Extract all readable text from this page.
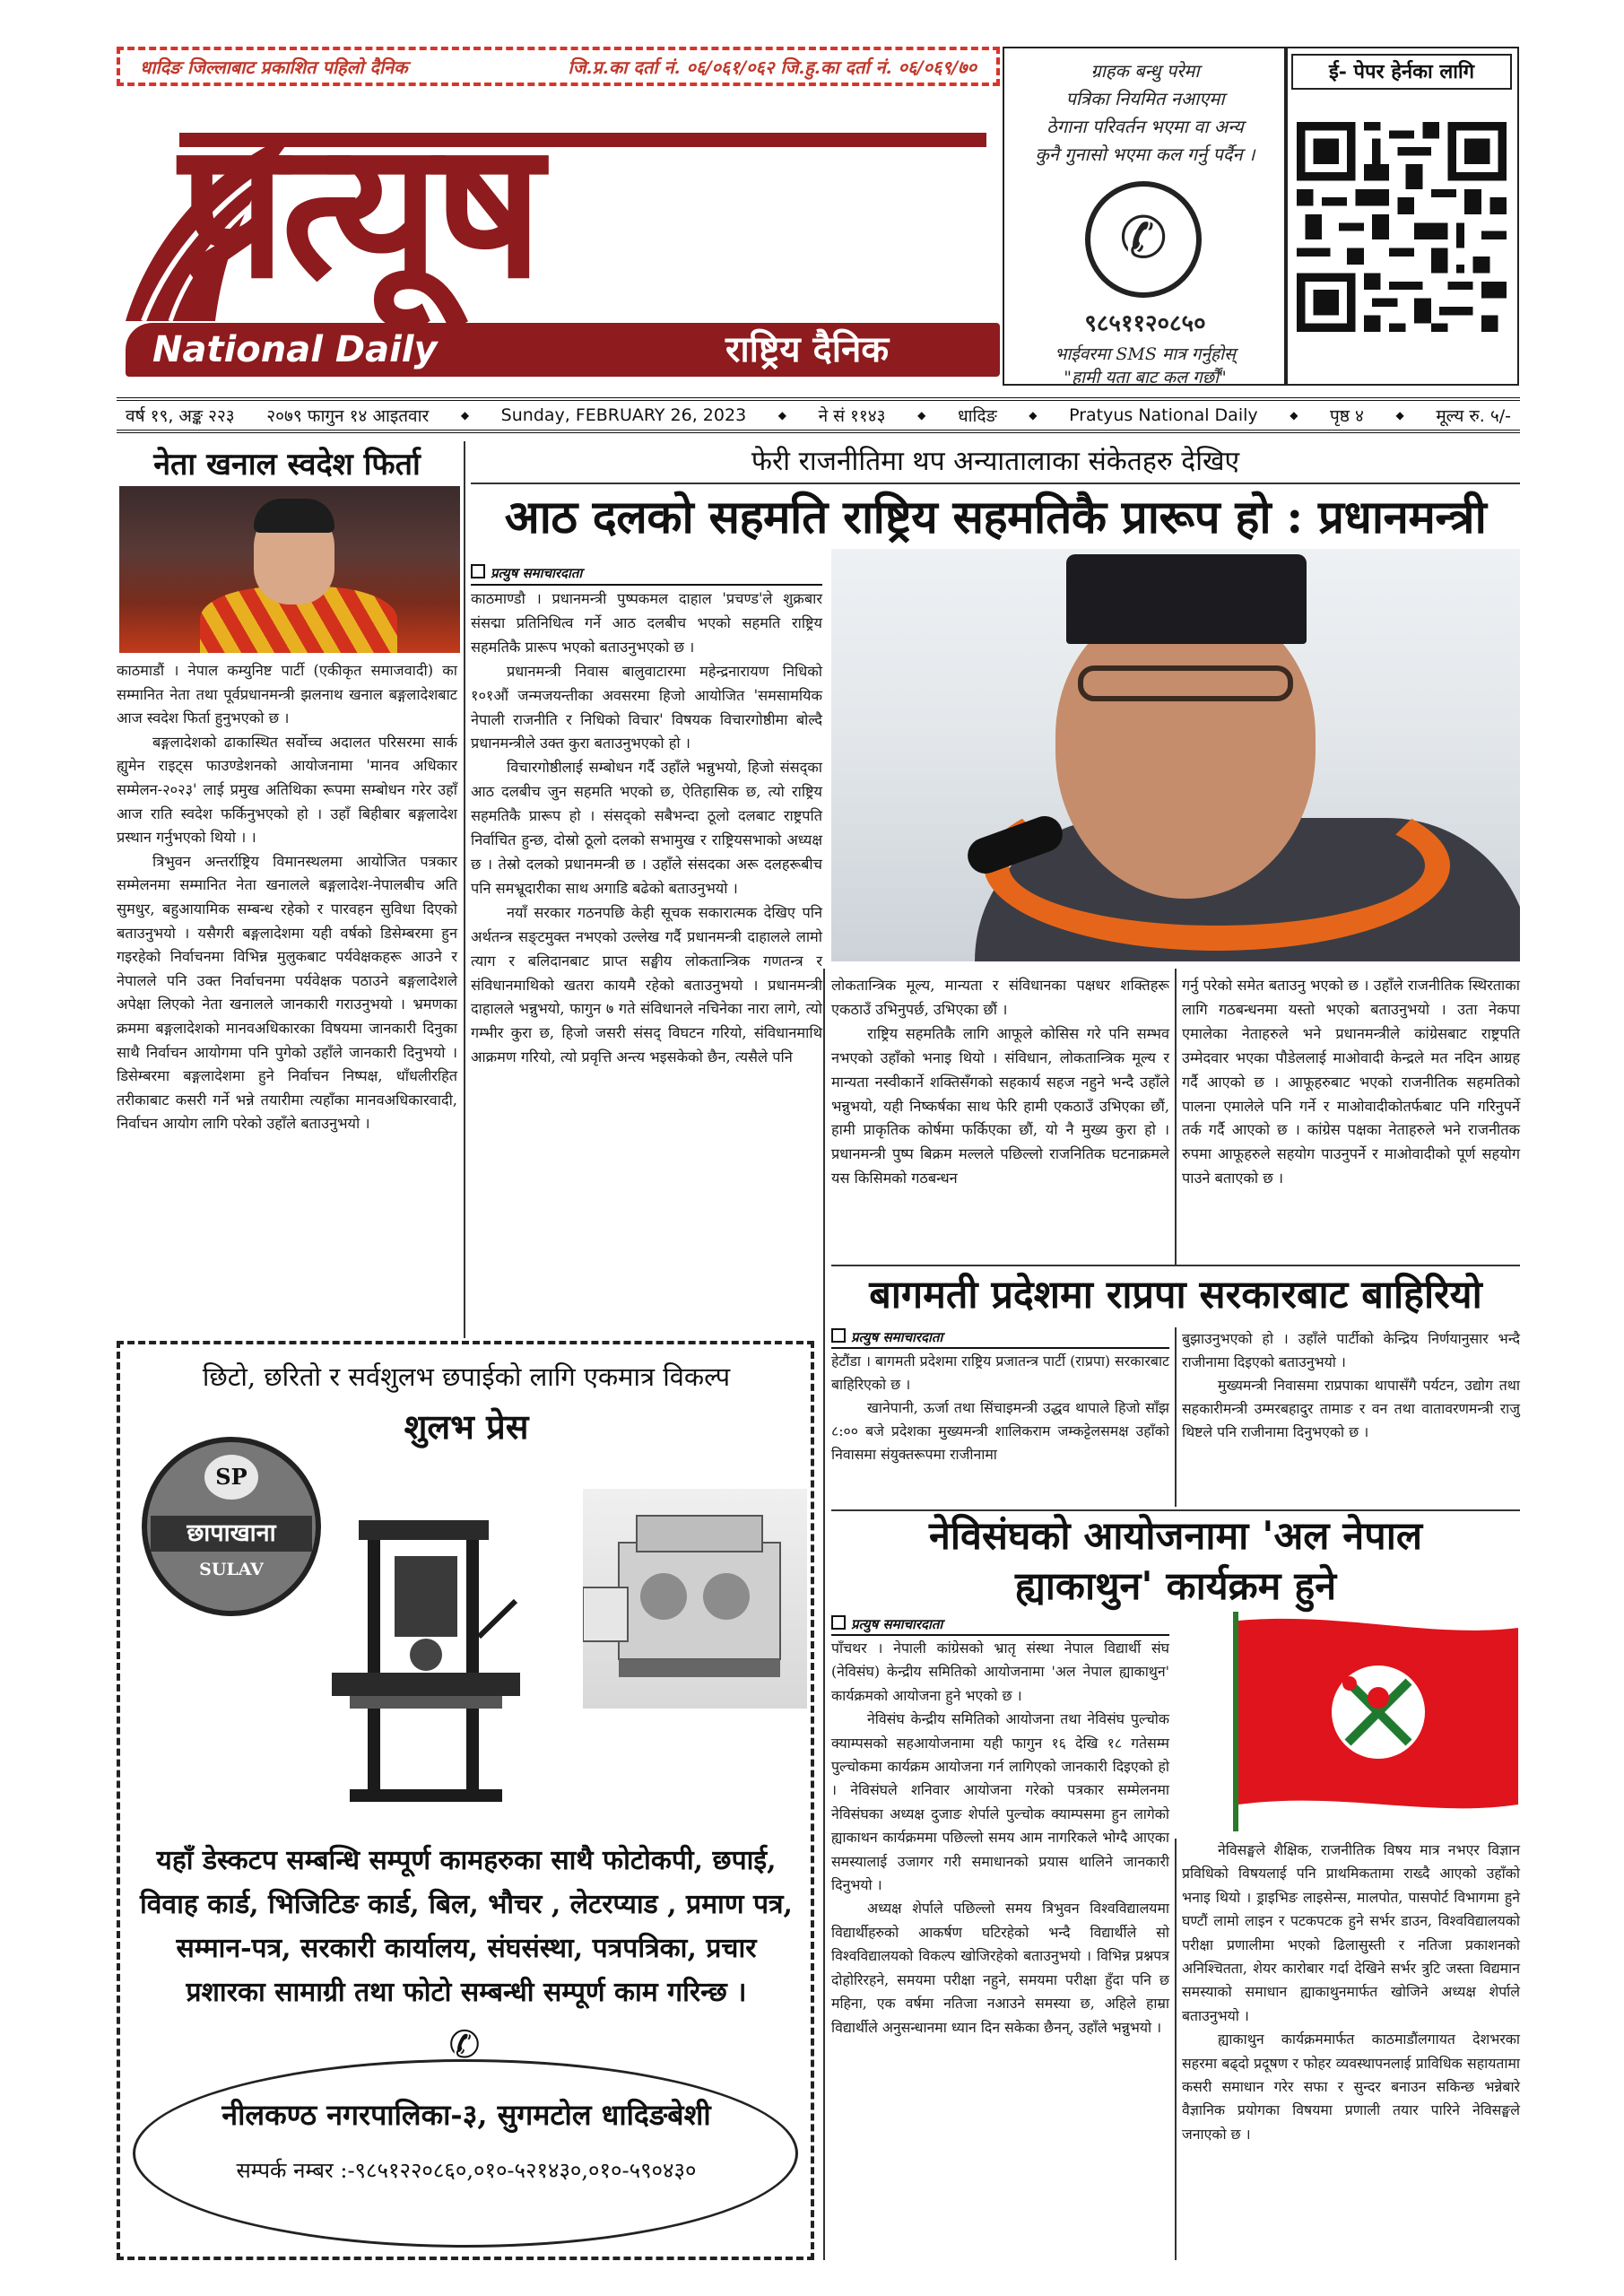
धादिङ जिल्लाबाट प्रकाशित पहिलो दैनिक	जि.प्र.का दर्ता नं. ०६/०६१/०६२ जि.हु.का दर्ता नं. ०६/०६९/७०
प्रत्यूष
National Daily	राष्ट्रिय दैनिक
ग्राहक बन्धु परेमा
पत्रिका नियमित नआएमा
ठेगाना परिवर्तन भएमा वा अन्य
कुनै गुनासो भएमा कल गर्नु पर्दैन ।
✆
९८५११२०८५०
भाईवरमा SMS मात्र गर्नुहोस्
"हामी यता बाट कल गर्छौं"
ई- पेपर हेर्नका लागि
वर्ष १९, अङ्क २२३ २०७९ फागुन १४ आइतवार	◆ Sunday, FEBRUARY 26, 2023	◆ ने सं ११४३	◆ धादिङ	◆ Pratyus National Daily	◆ पृष्ठ ४	◆ मूल्य रु. ५/-
नेता खनाल स्वदेश फिर्ता

काठमाडौं । नेपाल कम्युनिष्ट पार्टी (एकीकृत समाजवादी) का सम्मानित नेता तथा पूर्वप्रधानमन्त्री झलनाथ खनाल बङ्गलादेशबाट आज स्वदेश फिर्ता हुनुभएको छ ।

बङ्गलादेशको ढाकास्थित सर्वोच्च अदालत परिसरमा सार्क ह्युमेन राइट्स फाउण्डेशनको आयोजनामा 'मानव अधिकार सम्मेलन-२०२३' लाई प्रमुख अतिथिका रूपमा सम्बोधन गरेर उहाँ आज राति स्वदेश फर्किनुभएको हो । उहाँ बिहीबार बङ्गलादेश प्रस्थान गर्नुभएको थियो । ।

त्रिभुवन अन्तर्राष्ट्रिय विमानस्थलमा आयोजित पत्रकार सम्मेलनमा सम्मानित नेता खनालले बङ्गलादेश-नेपालबीच अति सुमधुर, बहुआयामिक सम्बन्ध रहेको र पारवहन सुविधा दिएको बताउनुभयो । यसैगरी बङ्गलादेशमा यही वर्षको डिसेम्बरमा हुन गइरहेको निर्वाचनमा विभिन्न मुलुकबाट पर्यवेक्षकहरू आउने र नेपालले पनि उक्त निर्वाचनमा पर्यवेक्षक पठाउने बङ्गलादेशले अपेक्षा लिएको नेता खनालले जानकारी गराउनुभयो । भ्रमणका क्रममा बङ्गलादेशको मानवअधिकारका विषयमा जानकारी दिनुका साथै निर्वाचन आयोगमा पनि पुगेको उहाँले जानकारी दिनुभयो । डिसेम्बरमा बङ्गलादेशमा हुने निर्वाचन निष्पक्ष, धाँधलीरहित तरीकाबाट कसरी गर्ने भन्ने तयारीमा त्यहाँका मानवअधिकारवादी, निर्वाचन आयोग लागि परेको उहाँले बताउनुभयो ।

फेरी राजनीतिमा थप अन्यातालाका संकेतहरु देखिए
आठ दलको सहमति राष्ट्रिय सहमतिकै प्रारूप हो : प्रधानमन्त्री
प्रत्युष समाचारदाता

काठमाण्डौ । प्रधानमन्त्री पुष्पकमल दाहाल 'प्रचण्ड'ले शुक्रबार संसद्मा प्रतिनिधित्व गर्ने आठ दलबीच भएको सहमति राष्ट्रिय सहमतिकै प्रारूप भएको बताउनुभएको छ ।

प्रधानमन्त्री निवास बालुवाटारमा महेन्द्रनारायण निधिको १०१औं जन्मजयन्तीका अवसरमा हिजो आयोजित 'समसामयिक नेपाली राजनीति र निधिको विचार' विषयक विचारगोष्ठीमा बोल्दै प्रधानमन्त्रीले उक्त कुरा बताउनुभएको हो ।

विचारगोष्ठीलाई सम्बोधन गर्दै उहाँले भन्नुभयो, हिजो संसद्का आठ दलबीच जुन सहमति भएको छ, ऐतिहासिक छ, त्यो राष्ट्रिय सहमतिकै प्रारूप हो । संसद्को सबैभन्दा ठूलो दलबाट राष्ट्रपति निर्वाचित हुन्छ, दोस्रो ठूलो दलको सभामुख र राष्ट्रियसभाको अध्यक्ष छ । तेस्रो दलको प्रधानमन्त्री छ । उहाँले संसदका अरू दलहरूबीच पनि समभ्रूदारीका साथ अगाडि बढेको बताउनुभयो ।

नयाँ सरकार गठनपछि केही सूचक सकारात्मक देखिए पनि अर्थतन्त्र सङ्टमुक्त नभएको उल्लेख गर्दै प्रधानमन्त्री दाहालले लामो त्याग र बलिदानबाट प्राप्त सङ्घीय लोकतान्त्रिक गणतन्त्र र संविधानमाथिको खतरा कायमै रहेको बताउनुभयो । प्रधानमन्त्री दाहालले भन्नुभयो, फागुन ७ गते संविधानले नचिनेका नारा लागे, त्यो गम्भीर कुरा छ, हिजो जसरी संसद् विघटन गरियो, संविधानमाथि आक्रमण गरियो, त्यो प्रवृत्ति अन्त्य भइसकेको छैन, त्यसैले पनि

लोकतान्त्रिक मूल्य, मान्यता र संविधानका पक्षधर शक्तिहरू एकठाउँ उभिनुपर्छ, उभिएका छौं ।

राष्ट्रिय सहमतिकै लागि आफूले कोसिस गरे पनि सम्भव नभएको उहाँको भनाइ थियो । संविधान, लोकतान्त्रिक मूल्य र मान्यता नस्वीकार्ने शक्तिसँगको सहकार्य सहज नहुने भन्दै उहाँले भन्नुभयो, यही निष्कर्षका साथ फेरि हामी एकठाउँ उभिएका छौं, हामी प्राकृतिक कोर्षमा फर्किएका छौं, यो नै मुख्य कुरा हो । प्रधानमन्त्री पुष्प बिक्रम मल्लले पछिल्लो राजनितिक घटनाक्रमले यस किसिमको गठबन्धन

गर्नु परेको समेत बताउनु भएको छ । उहाँले राजनीतिक स्थिरताका लागि गठबन्धनमा यस्तो भएको बताउनुभयो । उता नेकपा एमालेका नेताहरुले भने प्रधानमन्त्रीले कांग्रेसबाट राष्ट्रपति उम्मेदवार भएका पौडेललाई माओवादी केन्द्रले मत नदिन आग्रह गर्दै आएको छ । आफूहरुबाट भएको राजनीतिक सहमतिको पालना एमालेले पनि गर्ने र माओवादीकोतर्फबाट पनि गरिनुपर्ने तर्क गर्दै आएको छ । कांग्रेस पक्षका नेताहरुले भने राजनीतक रुपमा आफूहरुले सहयोग पाउनुपर्ने र माओवादीको पूर्ण सहयोग पाउने बताएको छ ।

बागमती प्रदेशमा राप्रपा सरकारबाट बाहिरियो
प्रत्युष समाचारदाता

हेटौंडा । बागमती प्रदेशमा राष्ट्रिय प्रजातन्त्र पार्टी (राप्रपा) सरकारबाट बाहिरिएको छ ।

खानेपानी, ऊर्जा तथा सिंचाइमन्त्री उद्धव थापाले हिजो साँझ ८:०० बजे प्रदेशका मुख्यमन्त्री शालिकराम जम्कट्टेलसमक्ष उहाँको निवासमा संयुक्तरूपमा राजीनामा

बुझाउनुभएको हो । उहाँले पार्टीको केन्द्रिय निर्णयानुसार भन्दै राजीनामा दिइएको बताउनुभयो ।

मुख्यमन्त्री निवासमा राप्रपाका थापासँगै पर्यटन, उद्योग तथा सहकारीमन्त्री उम्मरबहादुर तामाङ र वन तथा वातावरणमन्त्री राजु थिष्टले पनि राजीनामा दिनुभएको छ ।

नेविसंघको आयोजनामा 'अल नेपाल
ह्याकाथुन' कार्यक्रम हुने
प्रत्युष समाचारदाता

पाँचथर । नेपाली कांग्रेसको भ्रातृ संस्था नेपाल विद्यार्थी संघ (नेविसंघ) केन्द्रीय समितिको आयोजनामा 'अल नेपाल ह्याकाथुन' कार्यक्रमको आयोजना हुने भएको छ ।

नेविसंघ केन्द्रीय समितिको आयोजना तथा नेविसंघ पुल्चोक क्याम्पसको सहआयोजनामा यही फागुन १६ देखि १८ गतेसम्म पुल्चोकमा कार्यक्रम आयोजना गर्न लागिएको जानकारी दिइएको हो । नेविसंघले शनिवार आयोजना गरेको पत्रकार सम्मेलनमा नेविसंघका अध्यक्ष दुजाङ शेर्पाले पुल्चोक क्याम्पसमा हुन लागेको ह्याकाथन कार्यक्रममा पछिल्लो समय आम नागरिकले भोग्दै आएका समस्यालाई उजागर गरी समाधानको प्रयास थालिने जानकारी दिनुभयो ।

अध्यक्ष शेर्पाले पछिल्लो समय त्रिभुवन विश्वविद्यालयमा विद्यार्थीहरुको आकर्षण घटिरहेको भन्दै विद्यार्थीले सो विश्वविद्यालयको विकल्प खोजिरहेको बताउनुभयो । विभिन्न प्रश्नपत्र दोहोरिरहने, समयमा परीक्षा नहुने, समयमा परीक्षा हुँदा पनि छ महिना, एक वर्षमा नतिजा नआउने समस्या छ, अहिले हाम्रा विद्यार्थीले अनुसन्धानमा ध्यान दिन सकेका छैनन्, उहाँले भन्नुभयो ।

नेविसङ्घले शैक्षिक, राजनीतिक विषय मात्र नभएर विज्ञान प्रविधिको विषयलाई पनि प्राथमिकतामा राख्दै आएको उहाँको भनाइ थियो । ड्राइभिङ लाइसेन्स, मालपोत, पासपोर्ट विभागमा हुने घण्टौं लामो लाइन र पटकपटक हुने सर्भर डाउन, विश्वविद्यालयको परीक्षा प्रणालीमा भएको ढिलासुस्ती र नतिजा प्रकाशनको अनिश्चितता, शेयर कारोबार गर्दा देखिने सर्भर त्रुटि जस्ता विद्यमान समस्याको समाधान ह्याकाथुनमार्फत खोजिने अध्यक्ष शेर्पाले बताउनुभयो ।

ह्याकाथुन कार्यक्रममार्फत काठमाडौंलगायत देशभरका सहरमा बढ्दो प्रदूषण र फोहर व्यवस्थापनलाई प्राविधिक सहायतामा कसरी समाधान गरेर सफा र सुन्दर बनाउन सकिन्छ भन्नेबारे वैज्ञानिक प्रयोगका विषयमा प्रणाली तयार पारिने नेविसङ्घले जनाएको छ ।

छिटो, छरितो र सर्वशुलभ छपाईको लागि एकमात्र विकल्प
शुलभ प्रेस
SP
छापाखाना
SULAV
यहाँ डेस्कटप सम्बन्धि सम्पूर्ण कामहरुका साथै फोटोकपी, छपाई,
विवाह कार्ड, भिजिटिङ कार्ड, बिल, भौचर , लेटरप्याड , प्रमाण पत्र,
सम्मान-पत्र, सरकारी कार्यालय, संघसंस्था, पत्रपत्रिका, प्रचार
प्रशारका सामाग्री तथा फोटो सम्बन्धी सम्पूर्ण काम गरिन्छ ।
✆
नीलकण्ठ नगरपालिका-३, सुगमटोल धादिङबेशी
सम्पर्क नम्बर :-९८५१२२०८६०,०१०-५२१४३०,०१०-५९०४३०
